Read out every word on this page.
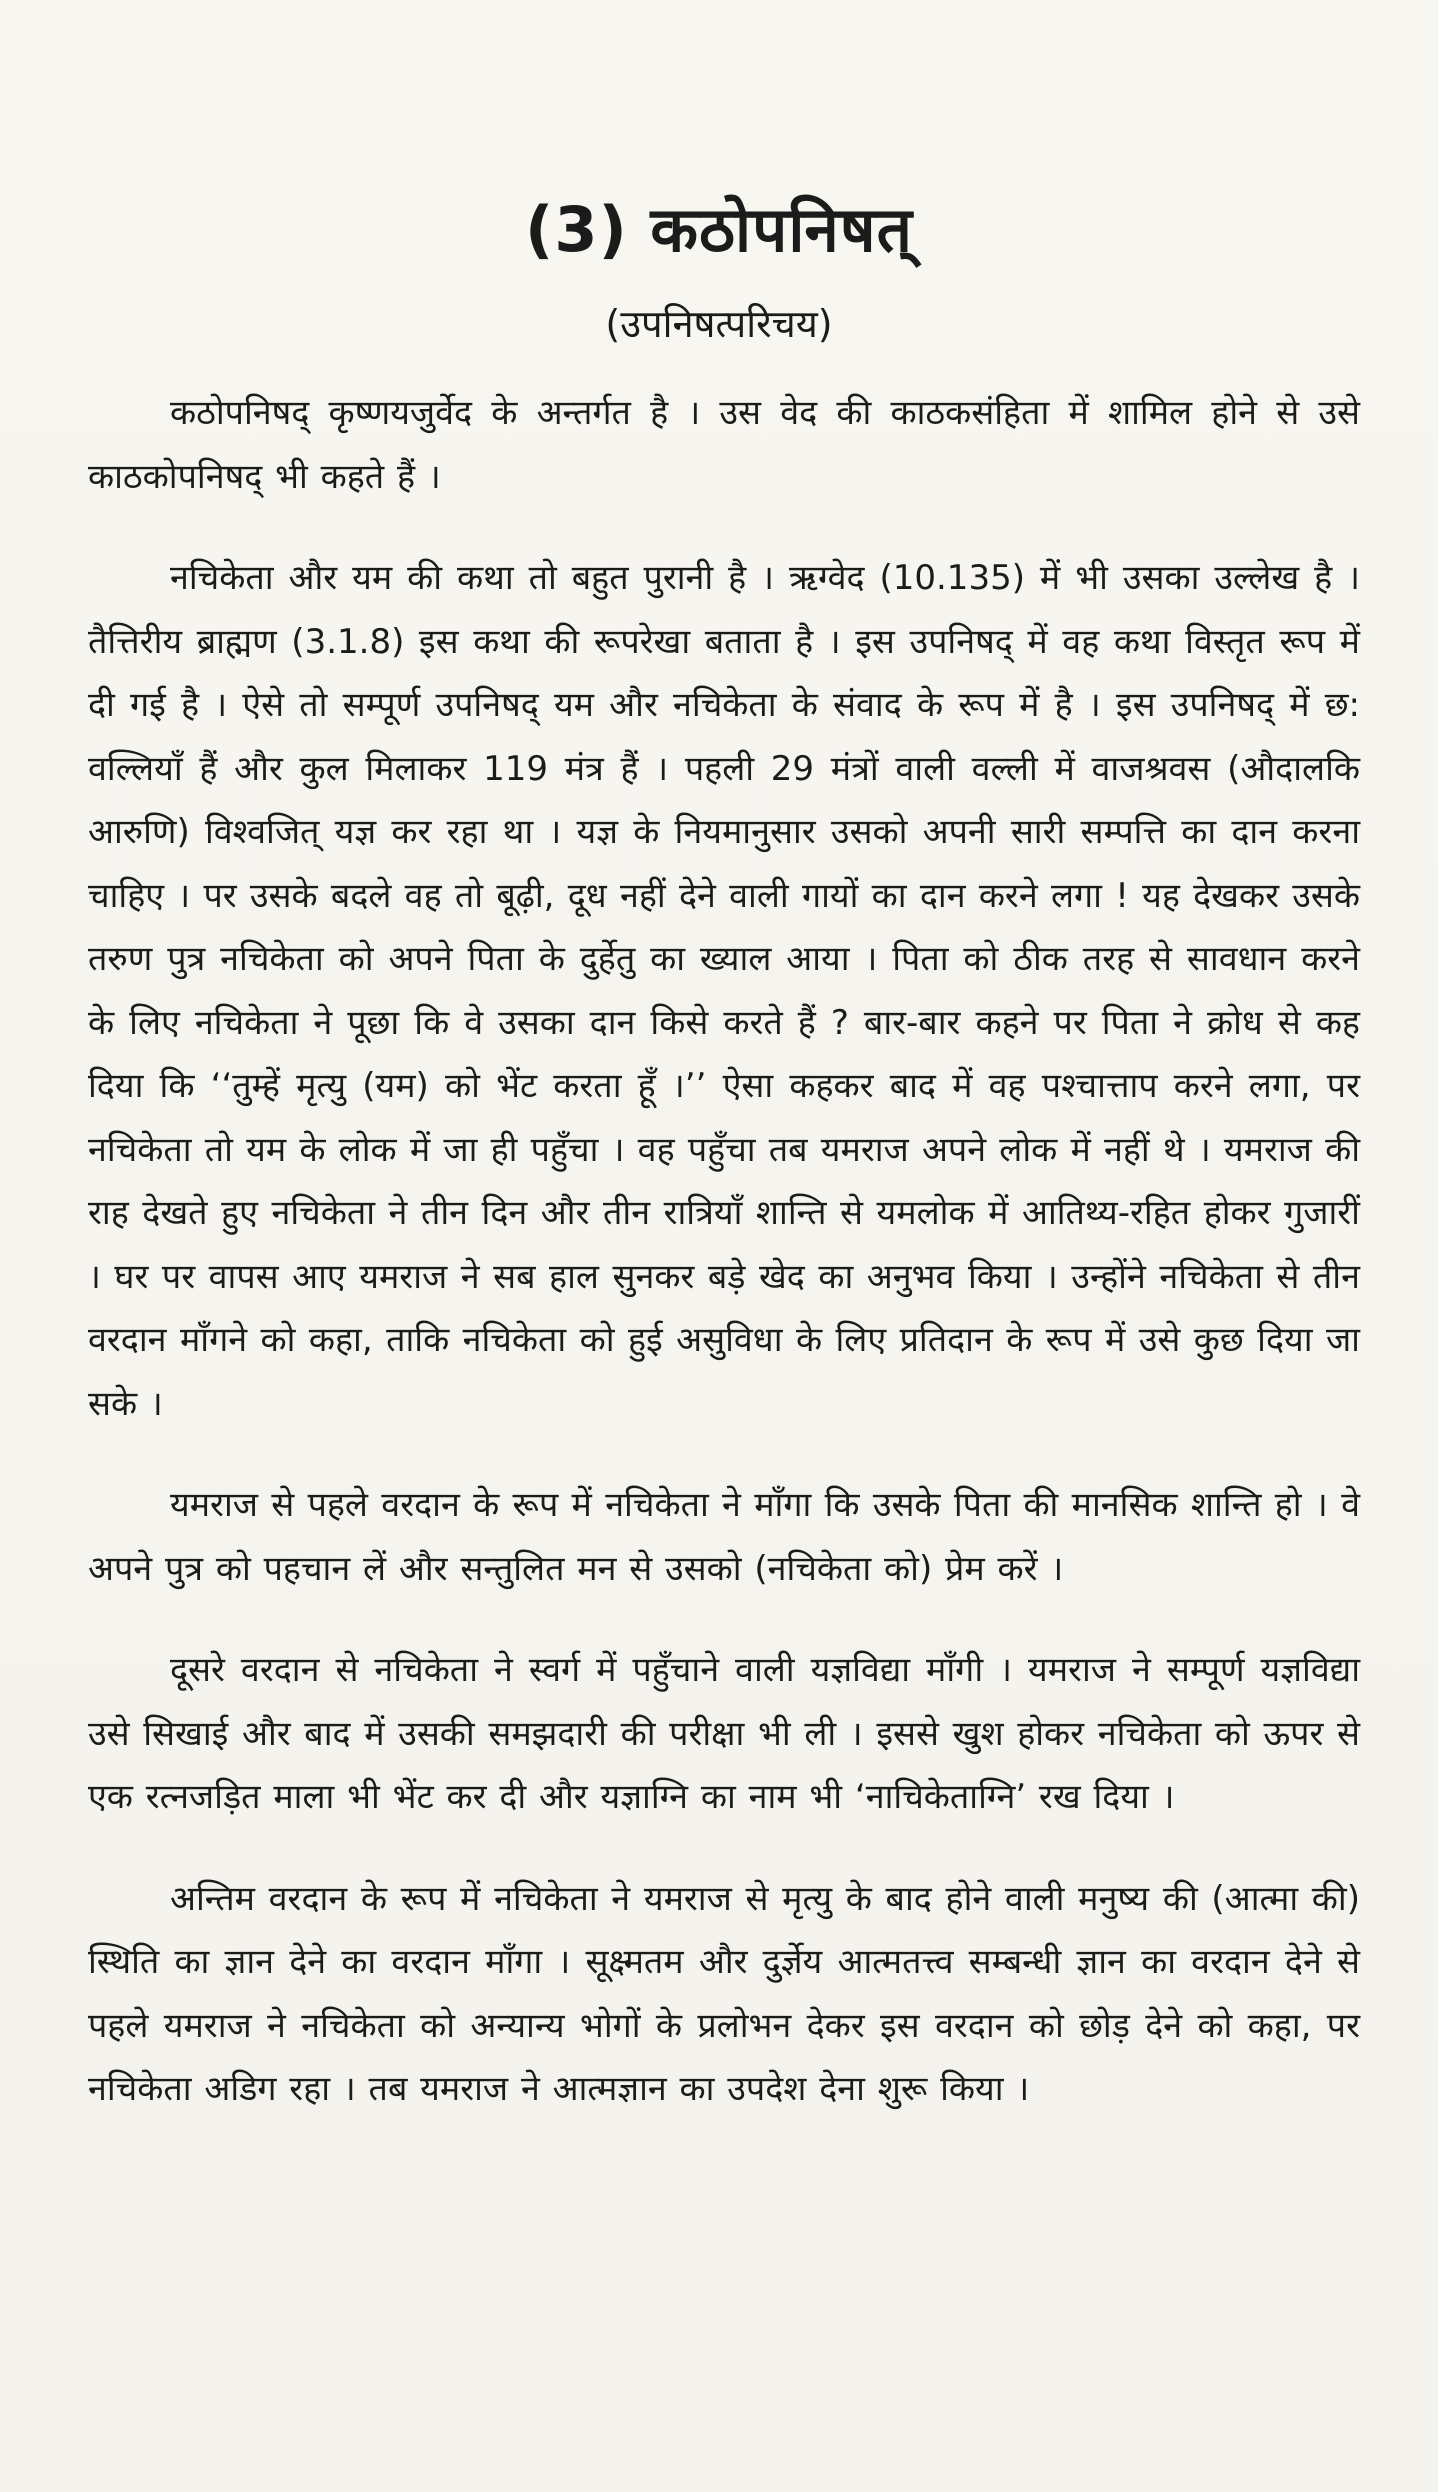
(3) कठोपनिषत्
(उपनिषत्परिचय)

कठोपनिषद् कृष्णयजुर्वेद के अन्तर्गत है । उस वेद की काठकसंहिता में शामिल होने से उसे काठकोपनिषद् भी कहते हैं ।

नचिकेता और यम की कथा तो बहुत पुरानी है । ऋग्वेद (10.135) में भी उसका उल्लेख है । तैत्तिरीय ब्राह्मण (3.1.8) इस कथा की रूपरेखा बताता है । इस उपनिषद् में वह कथा विस्तृत रूप में दी गई है । ऐसे तो सम्पूर्ण उपनिषद् यम और नचिकेता के संवाद के रूप में है । इस उपनिषद् में छ: वल्लियाँ हैं और कुल मिलाकर 119 मंत्र हैं । पहली 29 मंत्रों वाली वल्ली में वाजश्रवस (औदालकि आरुणि) विश्वजित् यज्ञ कर रहा था । यज्ञ के नियमानुसार उसको अपनी सारी सम्पत्ति का दान करना चाहिए । पर उसके बदले वह तो बूढ़ी, दूध नहीं देने वाली गायों का दान करने लगा ! यह देखकर उसके तरुण पुत्र नचिकेता को अपने पिता के दुर्हेतु का ख्याल आया । पिता को ठीक तरह से सावधान करने के लिए नचिकेता ने पूछा कि वे उसका दान किसे करते हैं ? बार-बार कहने पर पिता ने क्रोध से कह दिया कि ‘‘तुम्हें मृत्यु (यम) को भेंट करता हूँ ।’’ ऐसा कहकर बाद में वह पश्चात्ताप करने लगा, पर नचिकेता तो यम के लोक में जा ही पहुँचा । वह पहुँचा तब यमराज अपने लोक में नहीं थे । यमराज की राह देखते हुए नचिकेता ने तीन दिन और तीन रात्रियाँ शान्ति से यमलोक में आतिथ्य-रहित होकर गुजारीं । घर पर वापस आए यमराज ने सब हाल सुनकर बड़े खेद का अनुभव किया । उन्होंने नचिकेता से तीन वरदान माँगने को कहा, ताकि नचिकेता को हुई असुविधा के लिए प्रतिदान के रूप में उसे कुछ दिया जा सके ।

यमराज से पहले वरदान के रूप में नचिकेता ने माँगा कि उसके पिता की मानसिक शान्ति हो । वे अपने पुत्र को पहचान लें और सन्तुलित मन से उसको (नचिकेता को) प्रेम करें ।

दूसरे वरदान से नचिकेता ने स्वर्ग में पहुँचाने वाली यज्ञविद्या माँगी । यमराज ने सम्पूर्ण यज्ञविद्या उसे सिखाई और बाद में उसकी समझदारी की परीक्षा भी ली । इससे खुश होकर नचिकेता को ऊपर से एक रत्नजड़ित माला भी भेंट कर दी और यज्ञाग्नि का नाम भी ‘नाचिकेताग्नि’ रख दिया ।

अन्तिम वरदान के रूप में नचिकेता ने यमराज से मृत्यु के बाद होने वाली मनुष्य की (आत्मा की) स्थिति का ज्ञान देने का वरदान माँगा । सूक्ष्मतम और दुर्ज्ञेय आत्मतत्त्व सम्बन्धी ज्ञान का वरदान देने से पहले यमराज ने नचिकेता को अन्यान्य भोगों के प्रलोभन देकर इस वरदान को छोड़ देने को कहा, पर नचिकेता अडिग रहा । तब यमराज ने आत्मज्ञान का उपदेश देना शुरू किया ।
